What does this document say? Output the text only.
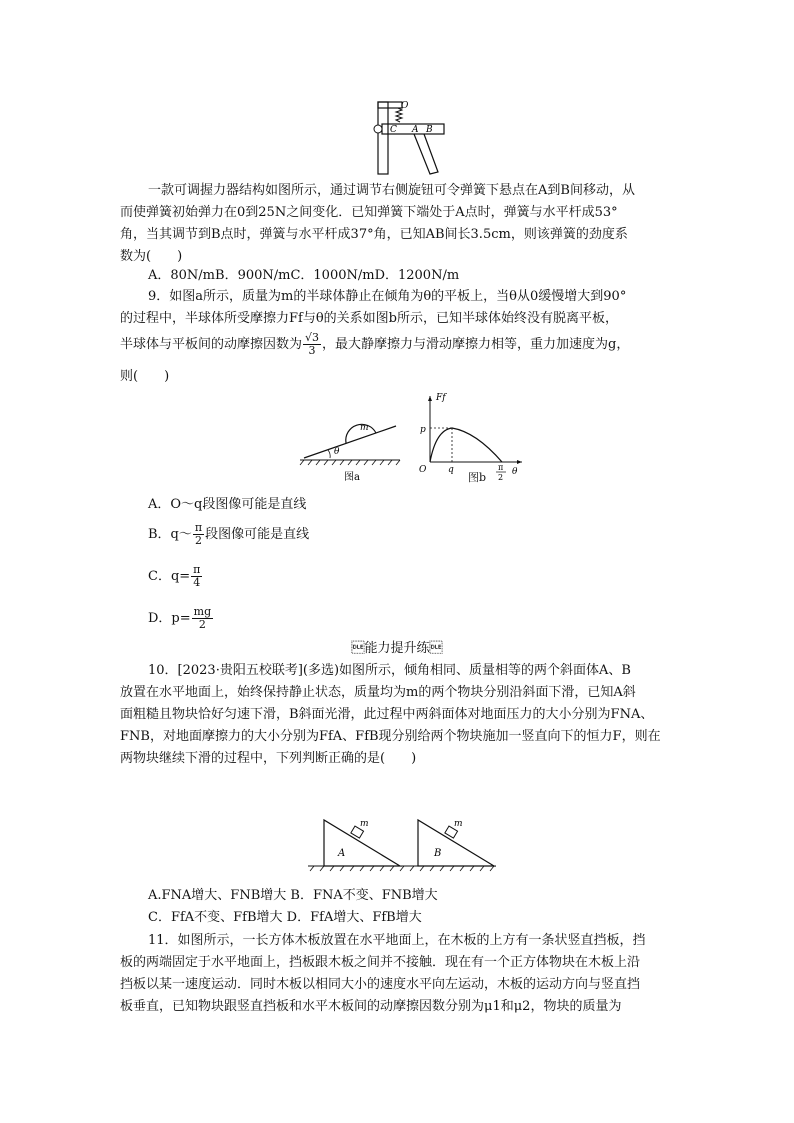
O
C A B
一款可调握力器结构如图所示，通过调节右侧旋钮可令弹簧下悬点在A到B间移动，从
而使弹簧初始弹力在0到25N之间变化．已知弹簧下端处于A点时，弹簧与水平杆成53°
角，当其调节到B点时，弹簧与水平杆成37°角，已知AB间长3.5cm，则该弹簧的劲度系
数为(　　)
A．80N/mB．900N/mC．1000N/mD．1200N/m
9．如图a所示，质量为m的半球体静止在倾角为θ的平板上，当θ从0缓慢增大到90°
的过程中，半球体所受摩擦力Ff与θ的关系如图b所示，已知半球体始终没有脱离平板，
半球体与平板间的动摩擦因数为 $\frac{√3}{3}$ ，最大静摩擦力与滑动摩擦力相等，重力加速度为g，
则(　　)
m
θ
图a
Ff
p
q
O	π
2
θ
图b
A．O～q段图像可能是直线
B．q～ $\frac{\pi}{2}$ 段图像可能是直线
C．$q= \frac{\pi}{4}$
D．$p= \frac{mg}{2}$
能力提升练
10．[2023·贵阳五校联考](多选)如图所示，倾角相同、质量相等的两个斜面体A、B
放置在水平地面上，始终保持静止状态，质量均为m的两个物块分别沿斜面下滑，已知A斜
面粗糙且物块恰好匀速下滑，B斜面光滑，此过程中两斜面体对地面压力的大小分别为FNA、
FNB，对地面摩擦力的大小分别为FfA、FfB现分别给两个物块施加一竖直向下的恒力F，则在
两物块继续下滑的过程中，下列判断正确的是(　　)
m	m
A	B
A.FNA增大、FNB增大 B．FNA不变、FNB增大
C．FfA不变、FfB增大 D．FfA增大、FfB增大
11．如图所示，一长方体木板放置在水平地面上，在木板的上方有一条状竖直挡板，挡
板的两端固定于水平地面上，挡板跟木板之间并不接触．现在有一个正方体物块在木板上沿
挡板以某一速度运动．同时木板以相同大小的速度水平向左运动，木板的运动方向与竖直挡
板垂直，已知物块跟竖直挡板和水平木板间的动摩擦因数分别为μ1和μ2，物块的质量为
